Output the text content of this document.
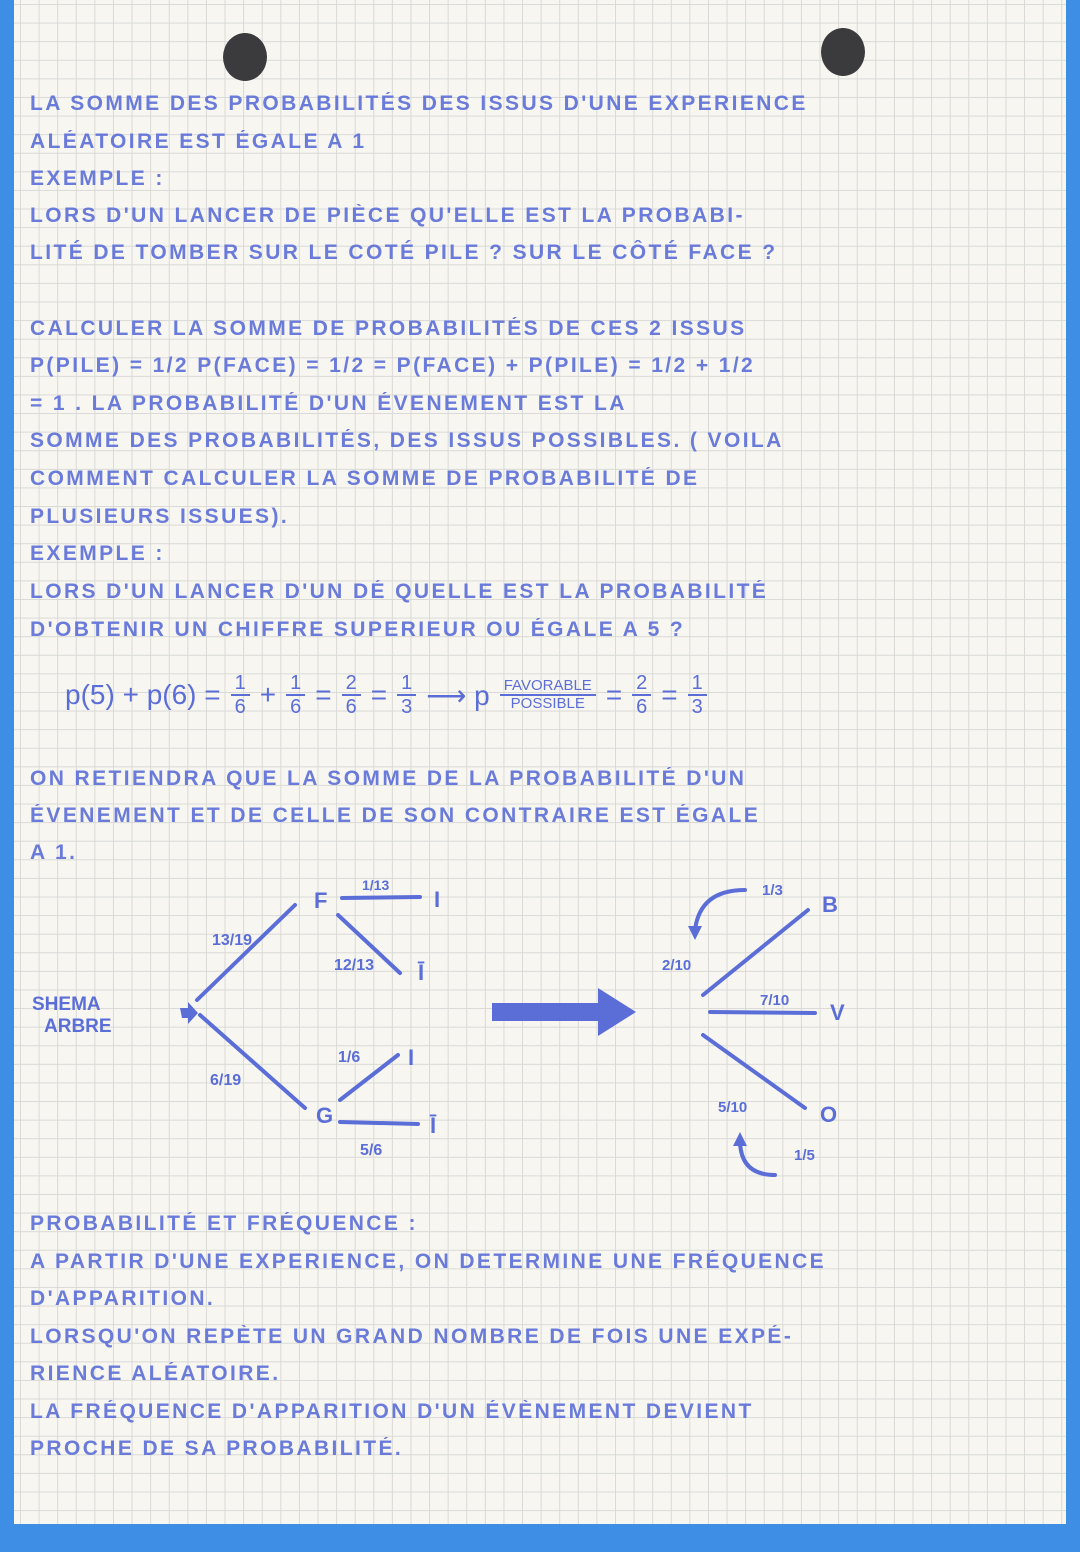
LA SOMME DES PROBABILITÉS DES ISSUS D'UNE EXPERIENCE
ALÉATOIRE EST ÉGALE A 1
EXEMPLE :
LORS D'UN LANCER DE PIÈCE QU'ELLE EST LA PROBABI-
LITÉ DE TOMBER SUR LE COTÉ PILE ? SUR LE CÔTÉ FACE ?
CALCULER LA SOMME DE PROBABILITÉS DE CES 2 ISSUS
P(PILE) = 1/2 P(FACE) = 1/2 = P(FACE) + P(PILE) = 1/2 + 1/2
= 1 . LA PROBABILITÉ D'UN ÉVENEMENT EST LA
SOMME DES PROBABILITÉS, DES ISSUS POSSIBLES. ( VOILA
COMMENT CALCULER LA SOMME DE PROBABILITÉ DE
PLUSIEURS ISSUES).
EXEMPLE :
LORS D'UN LANCER D'UN DÉ QUELLE EST LA PROBABILITÉ
D'OBTENIR UN CHIFFRE SUPERIEUR OU ÉGALE A 5 ?
$p(5) + p(6) = \frac{1}{6} + \frac{1}{6} = \frac{2}{6} = \frac{1}{3}$ ⟶ p $\frac{\text{FAVORABLE}}{\text{POSSIBLE}} = \frac{2}{6} = \frac{1}{3}$
ON RETIENDRA QUE LA SOMME DE LA PROBABILITÉ D'UN
ÉVENEMENT ET DE CELLE DE SON CONTRAIRE EST ÉGALE
A 1.
SHEMA
ARBRE
F
G
I
Ī
I
Ī
13/19
6/19
1/13
12/13
1/6
5/6
B
V
O
2/10
7/10
5/10
1/3
1/5
PROBABILITÉ ET FRÉQUENCE :
A PARTIR D'UNE EXPERIENCE, ON DETERMINE UNE FRÉQUENCE
D'APPARITION.
LORSQU'ON REPÈTE UN GRAND NOMBRE DE FOIS UNE EXPÉ-
RIENCE ALÉATOIRE.
LA FRÉQUENCE D'APPARITION D'UN ÉVÈNEMENT DEVIENT
PROCHE DE SA PROBABILITÉ.
